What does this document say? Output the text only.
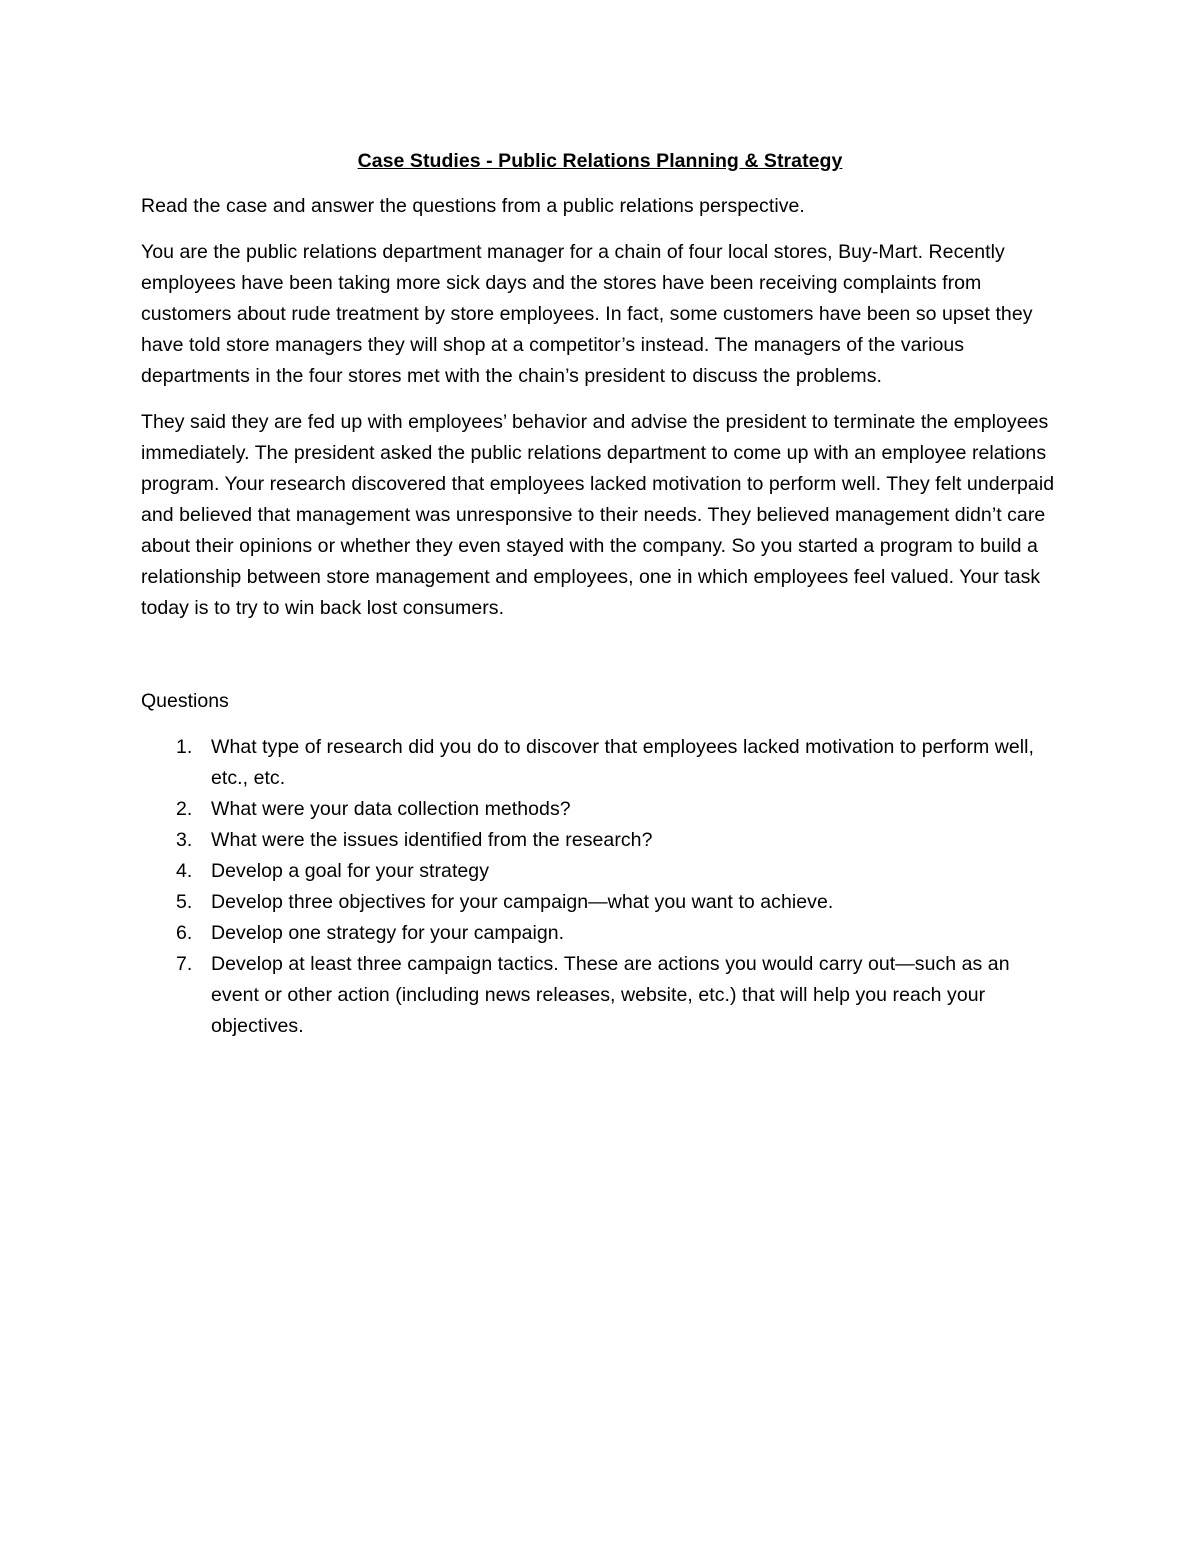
Case Studies - Public Relations Planning & Strategy

Read the case and answer the questions from a public relations perspective.

You are the public relations department manager for a chain of four local stores, Buy-Mart. Recently employees have been taking more sick days and the stores have been receiving complaints from customers about rude treatment by store employees. In fact, some customers have been so upset they have told store managers they will shop at a competitor’s instead. The managers of the various departments in the four stores met with the chain’s president to discuss the problems.

They said they are fed up with employees’ behavior and advise the president to terminate the employees immediately. The president asked the public relations department to come up with an employee relations program. Your research discovered that employees lacked motivation to perform well. They felt underpaid and believed that management was unresponsive to their needs. They believed management didn’t care about their opinions or whether they even stayed with the company. So you started a program to build a relationship between store management and employees, one in which employees feel valued. Your task today is to try to win back lost consumers.

Questions
1. What type of research did you do to discover that employees lacked motivation to perform well, etc., etc.
2. What were your data collection methods?
3. What were the issues identified from the research?
4. Develop a goal for your strategy
5. Develop three objectives for your campaign—what you want to achieve.
6. Develop one strategy for your campaign.
7. Develop at least three campaign tactics. These are actions you would carry out—such as an event or other action (including news releases, website, etc.) that will help you reach your objectives.
